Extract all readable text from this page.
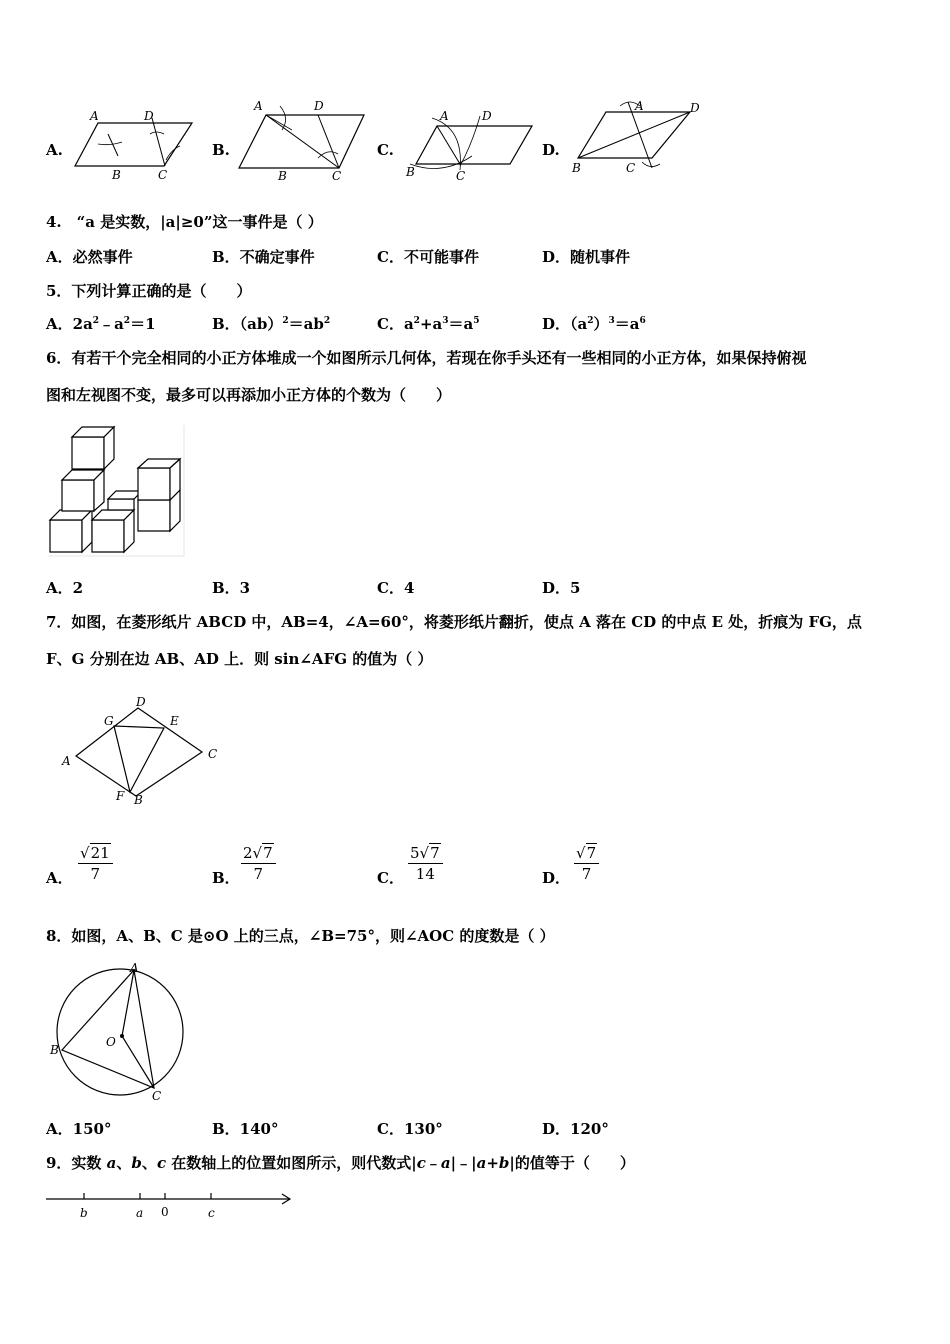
A.
A	D
B	C
B.
A	D
B	C
C.
A	D
B	C
D.
A	D
B	C
4.　“a 是实数，|a|≥0”这一事件是（ ）
A．必然事件	B．不确定事件	C．不可能事件	D．随机事件
5．下列计算正确的是（　　）
A．$2a^2﹣a^2=1$	B．$(ab)^2=ab^2$	C．$a^2+a^3=a^5$	D．$(a^2)^3=a^6$
6．有若干个完全相同的小正方体堆成一个如图所示几何体，若现在你手头还有一些相同的小正方体，如果保持俯视
图和左视图不变，最多可以再添加小正方体的个数为（　　）
A．2	B．3	C．4	D．5
7．如图，在菱形纸片 ABCD 中，AB=4，∠A=60°，将菱形纸片翻折，使点 A 落在 CD 的中点 E 处，折痕为 FG，点
F、G 分别在边 AB、AD 上．则 sin∠AFG 的值为（ ）
A
B
C
D
E
F
G
A． $\frac{√21}{7}$	B． $\frac{2√7}{7}$	C． $\frac{5√7}{14}$	D． $\frac{√7}{7}$
8．如图，A、B、C 是⊙O 上的三点，∠B=75°，则∠AOC 的度数是（ ）
A
B
C
O
A．150°	B．140°	C．130°	D．120°
9．实数 a、b、c 在数轴上的位置如图所示，则代数式|c﹣a|﹣|a+b|的值等于（　　）
b	a 0	c
